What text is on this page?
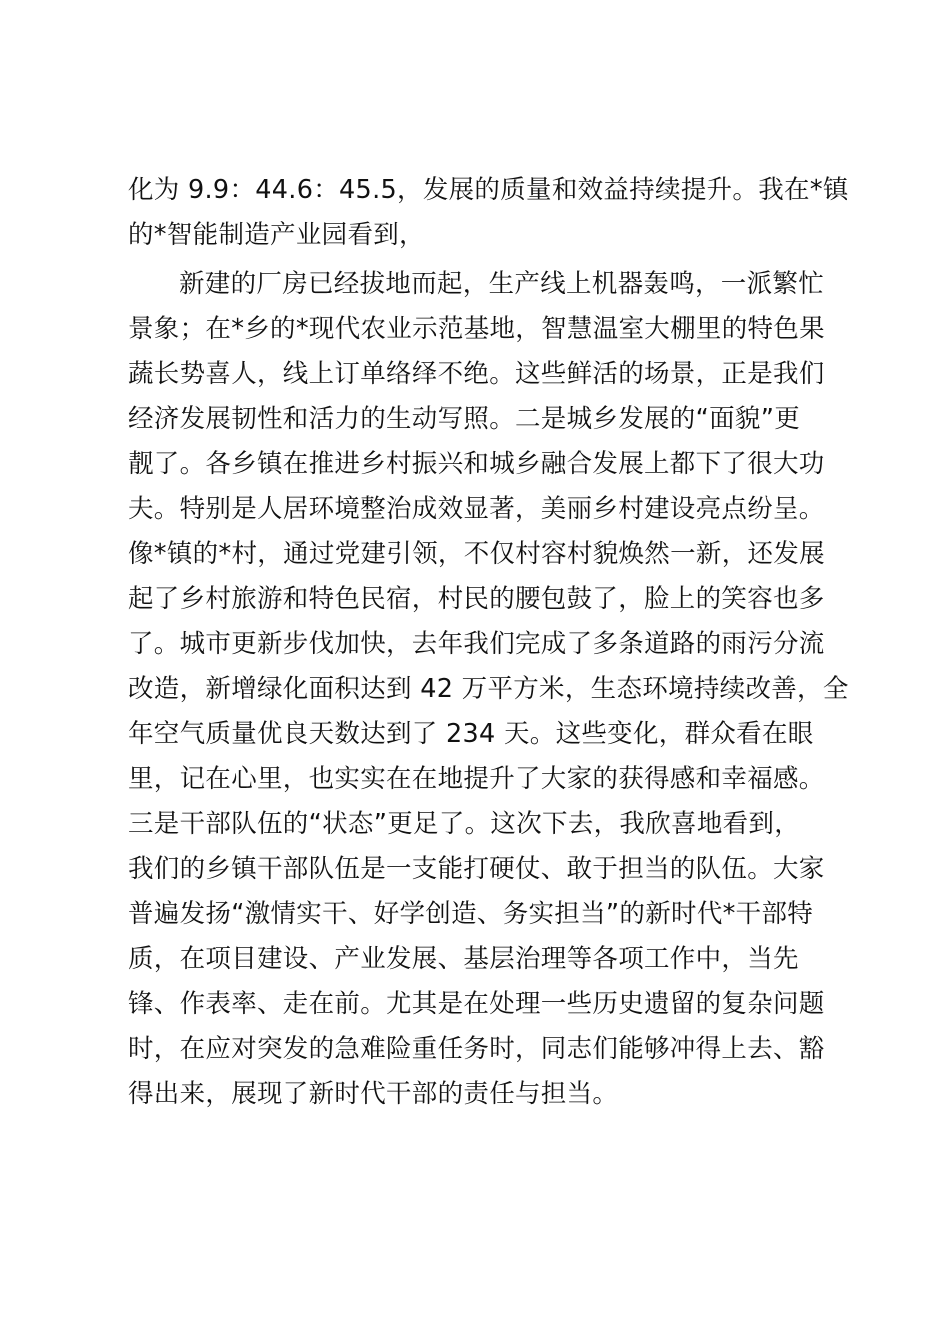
化为 9.9：44.6：45.5，发展的质量和效益持续提升。我在*镇
的*智能制造产业园看到，
新建的厂房已经拔地而起，生产线上机器轰鸣，一派繁忙
景象；在*乡的*现代农业示范基地，智慧温室大棚里的特色果
蔬长势喜人，线上订单络绎不绝。这些鲜活的场景，正是我们
经济发展韧性和活力的生动写照。二是城乡发展的“面貌”更
靓了。各乡镇在推进乡村振兴和城乡融合发展上都下了很大功
夫。特别是人居环境整治成效显著，美丽乡村建设亮点纷呈。
像*镇的*村，通过党建引领，不仅村容村貌焕然一新，还发展
起了乡村旅游和特色民宿，村民的腰包鼓了，脸上的笑容也多
了。城市更新步伐加快，去年我们完成了多条道路的雨污分流
改造，新增绿化面积达到 42 万平方米，生态环境持续改善，全
年空气质量优良天数达到了 234 天。这些变化，群众看在眼
里，记在心里，也实实在在地提升了大家的获得感和幸福感。
三是干部队伍的“状态”更足了。这次下去，我欣喜地看到，
我们的乡镇干部队伍是一支能打硬仗、敢于担当的队伍。大家
普遍发扬“激情实干、好学创造、务实担当”的新时代*干部特
质，在项目建设、产业发展、基层治理等各项工作中，当先
锋、作表率、走在前。尤其是在处理一些历史遗留的复杂问题
时，在应对突发的急难险重任务时，同志们能够冲得上去、豁
得出来，展现了新时代干部的责任与担当。
